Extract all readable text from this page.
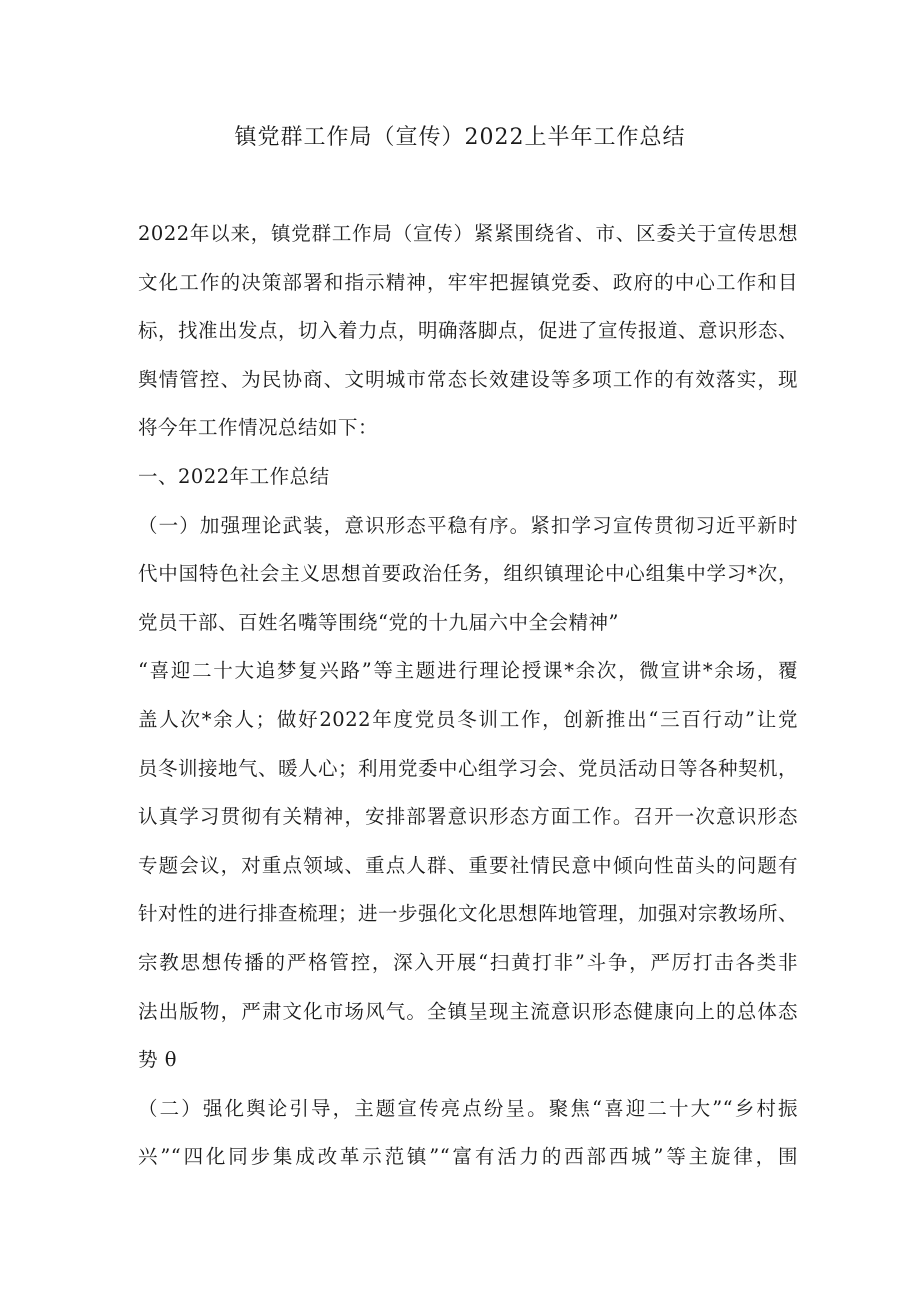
镇党群工作局（宣传）2022上半年工作总结
2022年以来，镇党群工作局（宣传）紧紧围绕省、市、区委关于宣传思想
文化工作的决策部署和指示精神，牢牢把握镇党委、政府的中心工作和目
标，找准出发点，切入着力点，明确落脚点，促进了宣传报道、意识形态、
舆情管控、为民协商、文明城市常态长效建设等多项工作的有效落实，现
将今年工作情况总结如下：
一、2022年工作总结
（一）加强理论武装，意识形态平稳有序。紧扣学习宣传贯彻习近平新时
代中国特色社会主义思想首要政治任务，组织镇理论中心组集中学习*次，
党员干部、百姓名嘴等围绕“党的十九届六中全会精神”
“喜迎二十大追梦复兴路”等主题进行理论授课*余次，微宣讲*余场，覆
盖人次*余人；做好2022年度党员冬训工作，创新推出“三百行动”让党
员冬训接地气、暖人心；利用党委中心组学习会、党员活动日等各种契机，
认真学习贯彻有关精神，安排部署意识形态方面工作。召开一次意识形态
专题会议，对重点领域、重点人群、重要社情民意中倾向性苗头的问题有
针对性的进行排查梳理；进一步强化文化思想阵地管理，加强对宗教场所、
宗教思想传播的严格管控，深入开展“扫黄打非”斗争，严厉打击各类非
法出版物，严肃文化市场风气。全镇呈现主流意识形态健康向上的总体态
势 θ
（二）强化舆论引导，主题宣传亮点纷呈。聚焦“喜迎二十大”“乡村振
兴”“四化同步集成改革示范镇”“富有活力的西部西城”等主旋律，围
